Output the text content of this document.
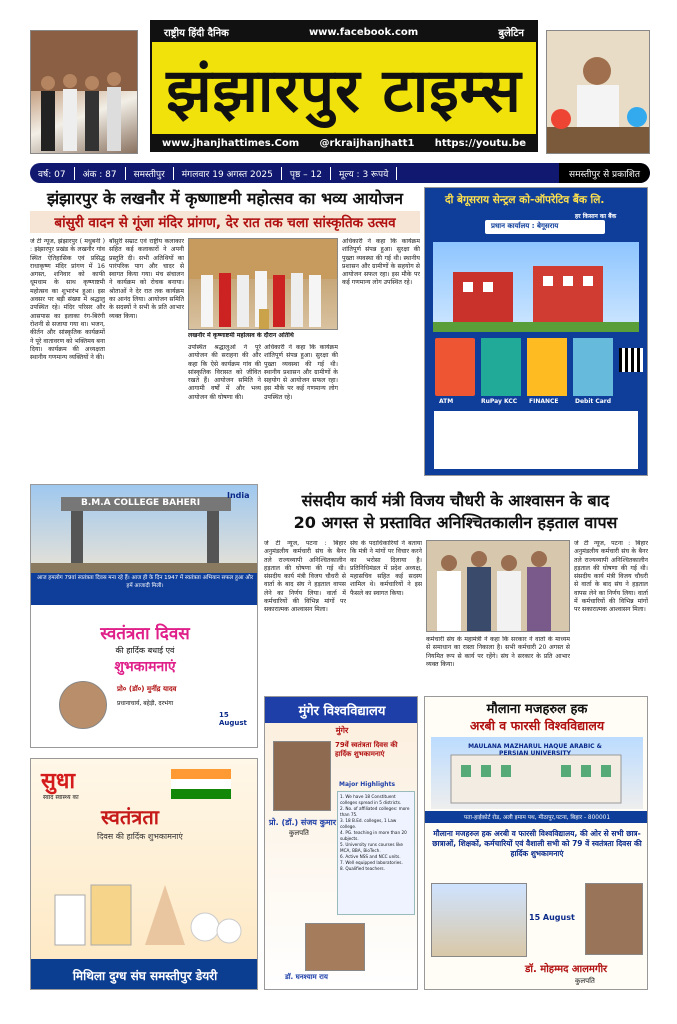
राष्ट्रीय हिंदी दैनिक	www.facebook.com	बुलेटिन
झंझारपुर टाइम्स
www.jhanjhattimes.Com @rkraijhanjhatt1 https://youtu.be
वर्ष: 07	अंक : 87	समस्तीपुर	मंगलवार 19 अगस्त 2025	पृष्ठ – 12	मूल्य : 3 रूपये	समस्तीपुर से प्रकाशित
झंझारपुर के लखनौर में कृष्णाष्टमी महोत्सव का भव्य आयोजन
बांसुरी वादन से गूंजा मंदिर प्रांगण, देर रात तक चला सांस्कृतिक उत्सव
जे टी न्यूज, झंझारपुर ( मधुबनी ) : झंझारपुर प्रखंड के लखनौर गांव स्थित ऐतिहासिक एवं प्रसिद्ध राधाकृष्ण मंदिर प्रांगण में 16 अगस्त, शनिवार को काफी धूमधाम के साथ कृष्णाष्टमी महोत्सव का शुभारंभ हुआ। इस अवसर पर बड़ी संख्या में श्रद्धालु उपस्थित रहे। मंदिर परिसर और आसपास का इलाका रंग-बिरंगी रोशनी से सजाया गया था। भजन, कीर्तन और सांस्कृतिक कार्यक्रमों ने पूरे वातावरण को भक्तिमय बना दिया। कार्यक्रम की अध्यक्षता स्थानीय गणमान्य व्यक्तियों ने की।
बाँसुरी सम्राट एवं राष्ट्रीय कलाकार सहित कई कलाकारों ने अपनी प्रस्तुति दी। सभी अतिथियों का पारंपरिक पाग और चादर से स्वागत किया गया। मंच संचालन ने कार्यक्रम को रोचक बनाया। श्रोताओं ने देर रात तक कार्यक्रम का आनंद लिया। आयोजन समिति के सदस्यों ने सभी के प्रति आभार व्यक्त किया।
लखनौर में कृष्णाष्टमी महोत्सव के दौरान अतिथि
उपस्थित श्रद्धालुओं ने पूरे आयोजन की सराहना की और कहा कि ऐसे कार्यक्रम गांव की सांस्कृतिक विरासत को जीवित रखते हैं। आयोजन समिति ने आगामी वर्षों में और भव्य आयोजन की घोषणा की।
अधिकारी ने कहा कि कार्यक्रम शांतिपूर्ण संपन्न हुआ। सुरक्षा की पुख्ता व्यवस्था की गई थी। स्थानीय प्रशासन और ग्रामीणों के सहयोग से आयोजन सफल रहा। इस मौके पर कई गणमान्य लोग उपस्थित रहे।
अधिकारी ने कहा कि कार्यक्रम शांतिपूर्ण संपन्न हुआ। सुरक्षा की पुख्ता व्यवस्था की गई थी। स्थानीय प्रशासन और ग्रामीणों के सहयोग से आयोजन सफल रहा। इस मौके पर कई गणमान्य लोग उपस्थित रहे।
दी बेगूसराय सेन्ट्रल को-ऑपरेटिव बैंक लि.
हर किसान का बैंक
प्रधान कार्यालय : बेगूसराय
ATM	RuPay KCC FINANCE	Debit Card
B.M.A COLLEGE BAHERI
India
आज हमलोग 79वां स्वतंत्रता दिवस मना रहे हैं। आज ही के दिन 1947 में स्वतंत्रता अभियान सफल हुआ और हमें आजादी मिली।
स्वतंत्रता दिवस
की हार्दिक बधाई एवं
शुभकामनाएं
प्रो० (डॉ०) मुनींद्र यादव
प्रधानाचार्य, बहेड़ी, दरभंगा
15 August
सुधा
स्वाद स्वास्थ्य का
स्वतंत्रता
दिवस की हार्दिक शुभकामनाएं
मिथिला दुग्ध संघ समस्तीपुर डेयरी
संसदीय कार्य मंत्री विजय चौधरी के आश्वासन के बाद
20 अगस्त से प्रस्तावित अनिश्चितकालीन हड़ताल वापस
जे टी न्यूज, पटना : बिहार अनुमंडलीय कर्मचारी संघ के बैनर तले राज्यव्यापी अनिश्चितकालीन हड़ताल की घोषणा की गई थी। संसदीय कार्य मंत्री विजय चौधरी से वार्ता के बाद संघ ने हड़ताल वापस लेने का निर्णय लिया। वार्ता में कर्मचारियों की विभिन्न मांगों पर सकारात्मक आश्वासन मिला।
संघ के पदाधिकारियों ने बताया कि मंत्री ने मांगों पर विचार करने का भरोसा दिलाया है। प्रतिनिधिमंडल में प्रदेश अध्यक्ष, महासचिव सहित कई सदस्य शामिल थे। कर्मचारियों ने इस फैसले का स्वागत किया।
कर्मचारी संघ के महामंत्री ने कहा कि सरकार ने वार्ता के माध्यम से समाधान का रास्ता निकाला है। सभी कर्मचारी 20 अगस्त से नियमित रूप से कार्य पर रहेंगे। संघ ने सरकार के प्रति आभार व्यक्त किया।
जे टी न्यूज, पटना : बिहार अनुमंडलीय कर्मचारी संघ के बैनर तले राज्यव्यापी अनिश्चितकालीन हड़ताल की घोषणा की गई थी। संसदीय कार्य मंत्री विजय चौधरी से वार्ता के बाद संघ ने हड़ताल वापस लेने का निर्णय लिया। वार्ता में कर्मचारियों की विभिन्न मांगों पर सकारात्मक आश्वासन मिला।
मुंगेर विश्वविद्यालय
मुंगेर
79वें स्वतंत्रता दिवस की हार्दिक शुभकामनाएं
प्रो. (डॉ.) संजय कुमार
कुलपति
Major Highlights
1. We have 18 Constituent colleges spread in 5 districts.
2. No. of affiliated colleges: more than 75.
3. 18 B.Ed. colleges, 1 Law college.
4. PG. teaching in more than 20 subjects.
5. University runs courses like MCA, BBA, BioTech.
6. Active NSS and NCC units.
7. Well equipped laboratories.
8. Qualified teachers.
डॉ. घनश्याम राय
मौलाना मजहरुल हक
अरबी व फारसी विश्वविद्यालय
MAULANA MAZHARUL HAQUE ARABIC & PERSIAN UNIVERSITY
पता-हाईकोर्ट रोड, अली इमाम पथ, मीठापुर,पटना, बिहार - 800001
मौलाना मजहरुल हक अरबी व फारसी विश्वविद्यालय, की ओर से सभी छात्र-छात्राओं, शिक्षकों, कर्मचारियों एवं वैशाली सभी को 79 वें स्वतंत्रता दिवस की हार्दिक शुभकामनाएं
15 August
डॉ. मोहम्मद आलमगीर
कुलपति
